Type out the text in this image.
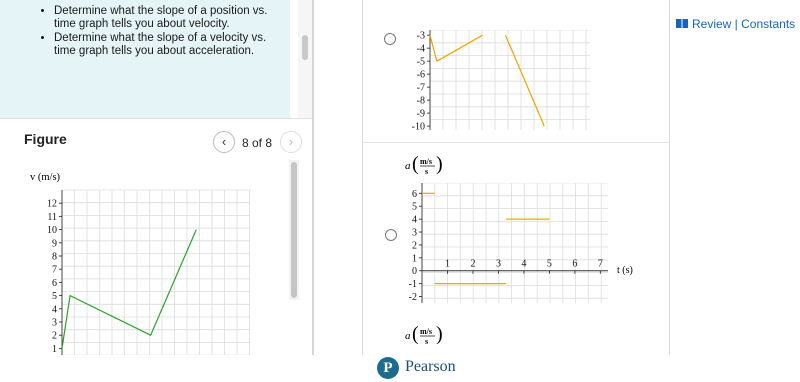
• Determine what the slope of a position vs. time graph tells you about velocity.
• Determine what the slope of a velocity vs. time graph tells you about acceleration.
Figure	‹	8 of 8	›
1
2
3
4
5
6
7
8
9
10
11
12
v (m/s)
-3
-4
-5
-6
-7
-8
-9
-10
a ( m/s
s )
6
5
4
3
2
1
0
-1
-2
1 2 3 4 5 6 7
t (s)
a ( m/s
s )
Review | Constants
P Pearson
